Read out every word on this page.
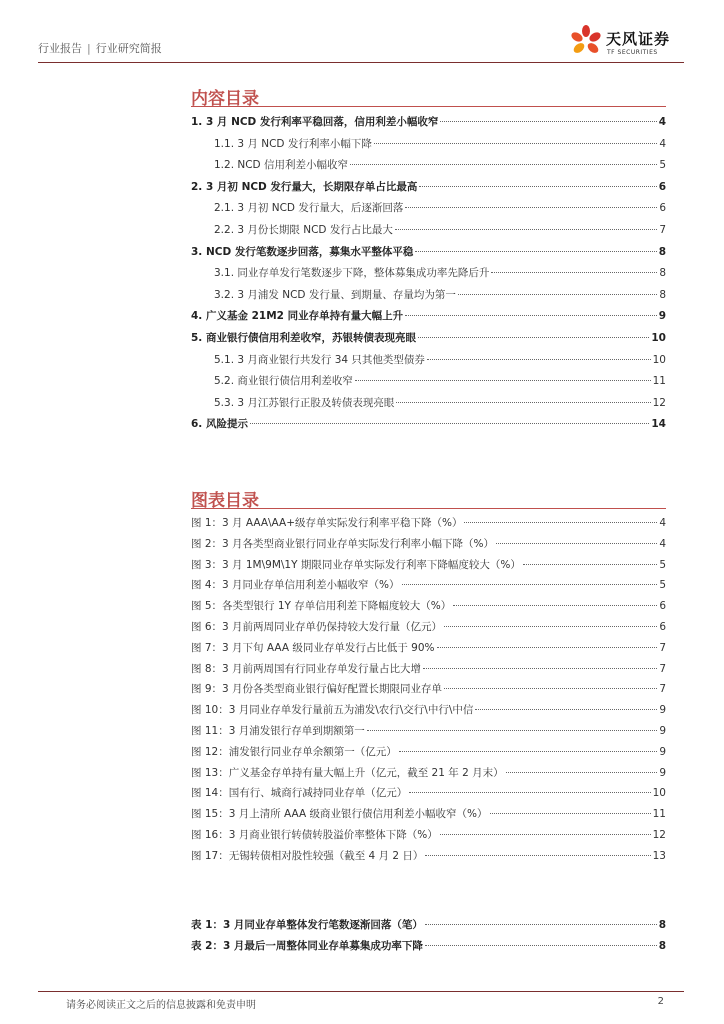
行业报告 | 行业研究简报
天风证券
TF SECURITIES
内容目录
1. 3 月 NCD 发行利率平稳回落，信用利差小幅收窄	4
1.1. 3 月 NCD 发行利率小幅下降	4
1.2. NCD 信用利差小幅收窄	5
2. 3 月初 NCD 发行量大，长期限存单占比最高	6
2.1. 3 月初 NCD 发行量大，后逐渐回落	6
2.2. 3 月份长期限 NCD 发行占比最大	7
3. NCD 发行笔数逐步回落，募集水平整体平稳	8
3.1. 同业存单发行笔数逐步下降，整体募集成功率先降后升	8
3.2. 3 月浦发 NCD 发行量、到期量、存量均为第一	8
4. 广义基金 21M2 同业存单持有量大幅上升	9
5. 商业银行债信用利差收窄，苏银转债表现亮眼	10
5.1. 3 月商业银行共发行 34 只其他类型债券	10
5.2. 商业银行债信用利差收窄	11
5.3. 3 月江苏银行正股及转债表现亮眼	12
6. 风险提示	14
图表目录
图 1：3 月 AAA\AA+级存单实际发行利率平稳下降（%）	4
图 2：3 月各类型商业银行同业存单实际发行利率小幅下降（%）	4
图 3：3 月 1M\9M\1Y 期限同业存单实际发行利率下降幅度较大（%）	5
图 4：3 月同业存单信用利差小幅收窄（%）	5
图 5：各类型银行 1Y 存单信用利差下降幅度较大（%）	6
图 6：3 月前两周同业存单仍保持较大发行量（亿元）	6
图 7：3 月下旬 AAA 级同业存单发行占比低于 90%	7
图 8：3 月前两周国有行同业存单发行量占比大增	7
图 9：3 月份各类型商业银行偏好配置长期限同业存单	7
图 10：3 月同业存单发行量前五为浦发\农行\交行\中行\中信	9
图 11：3 月浦发银行存单到期额第一	9
图 12：浦发银行同业存单余额第一（亿元）	9
图 13：广义基金存单持有量大幅上升（亿元，截至 21 年 2 月末）	9
图 14：国有行、城商行减持同业存单（亿元）	10
图 15：3 月上清所 AAA 级商业银行债信用利差小幅收窄（%）	11
图 16：3 月商业银行转债转股溢价率整体下降（%）	12
图 17：无锡转债相对股性较强（截至 4 月 2 日）	13
表 1：3 月同业存单整体发行笔数逐渐回落（笔）	8
表 2：3 月最后一周整体同业存单募集成功率下降	8
请务必阅读正文之后的信息披露和免责申明	2
